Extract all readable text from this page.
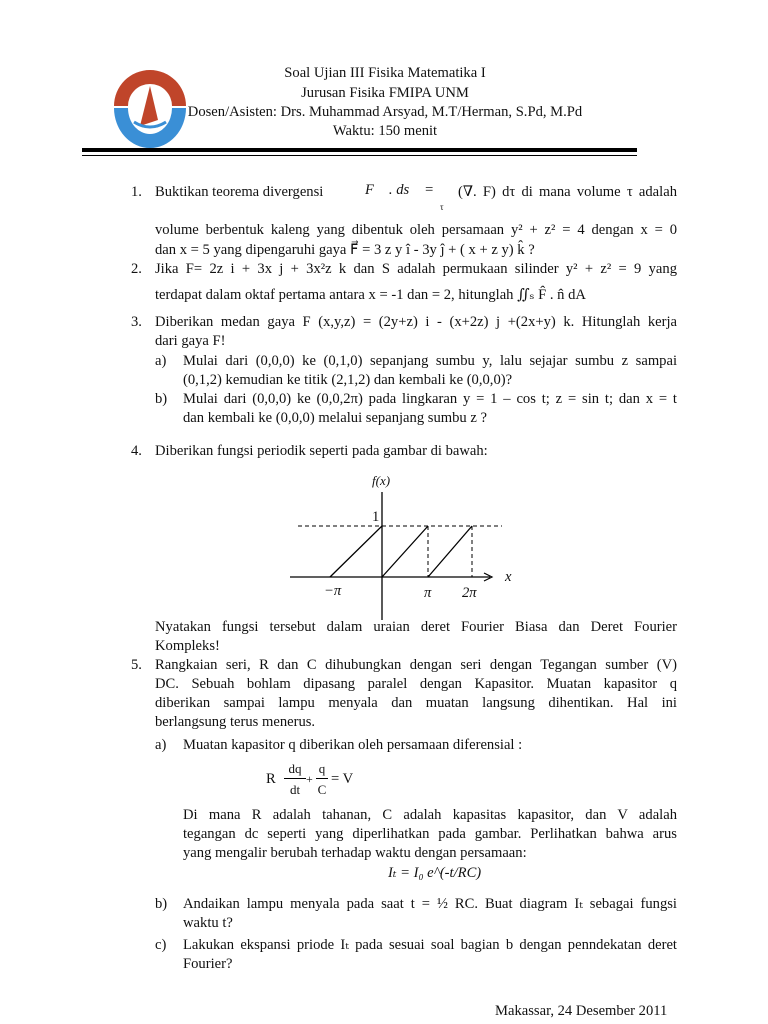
Soal Ujian III Fisika Matematika I
Jurusan Fisika FMIPA UNM
Dosen/Asisten: Drs. Muhammad Arsyad, M.T/Herman, S.Pd, M.Pd
Waktu: 150 menit
1. Buktikan teorema divergensi ∯ F⃗ . ds⃗ = ∰
τ
(∇. F) dτ di mana volume τ adalah
volume berbentuk kaleng yang dibentuk oleh persamaan y² + z² = 4 dengan x = 0
dan x = 5 yang dipengaruhi gaya F⃗ = 3 z y î - 3y ĵ + ( x + z y) k̂ ?
2. Jika F= 2z i + 3x j + 3x²z k dan S adalah permukaan silinder y² + z² = 9 yang
terdapat dalam oktaf pertama antara x = -1 dan = 2, hitunglah ∬ₛ F̂ . n̂ dA
3. Diberikan medan gaya F (x,y,z) = (2y+z) i - (x+2z) j +(2x+y) k. Hitunglah kerja
dari gaya F!
a) Mulai dari (0,0,0) ke (0,1,0) sepanjang sumbu y, lalu sejajar sumbu z sampai
(0,1,2) kemudian ke titik (2,1,2) dan kembali ke (0,0,0)?
b) Mulai dari (0,0,0) ke (0,0,2π) pada lingkaran y = 1 – cos t; z = sin t; dan x = t
dan kembali ke (0,0,0) melalui sepanjang sumbu z ?
4. Diberikan fungsi periodik seperti pada gambar di bawah:
f(x)
1
x
−π	π 2π
Nyatakan fungsi tersebut dalam uraian deret Fourier Biasa dan Deret Fourier
Kompleks!
5. Rangkaian seri, R dan C dihubungkan dengan seri dengan Tegangan sumber (V)
DC. Sebuah bohlam dipasang paralel dengan Kapasitor. Muatan kapasitor q
diberikan sampai lampu menyala dan muatan langsung dihentikan. Hal ini
berlangsung terus menerus.
a) Muatan kapasitor q diberikan oleh persamaan diferensial :
R
dq
dt
+
q
C
= V
Di mana R adalah tahanan, C adalah kapasitas kapasitor, dan V adalah
tegangan dc seperti yang diperlihatkan pada gambar. Perlihatkan bahwa arus
yang mengalir berubah terhadap waktu dengan persamaan:
Iₜ = I₀ e^(-t/RC)
b) Andaikan lampu menyala pada saat t = ½ RC. Buat diagram Iₜ sebagai fungsi
waktu t?
c) Lakukan ekspansi priode Iₜ pada sesuai soal bagian b dengan penndekatan deret
Fourier?
Makassar, 24 Desember 2011
